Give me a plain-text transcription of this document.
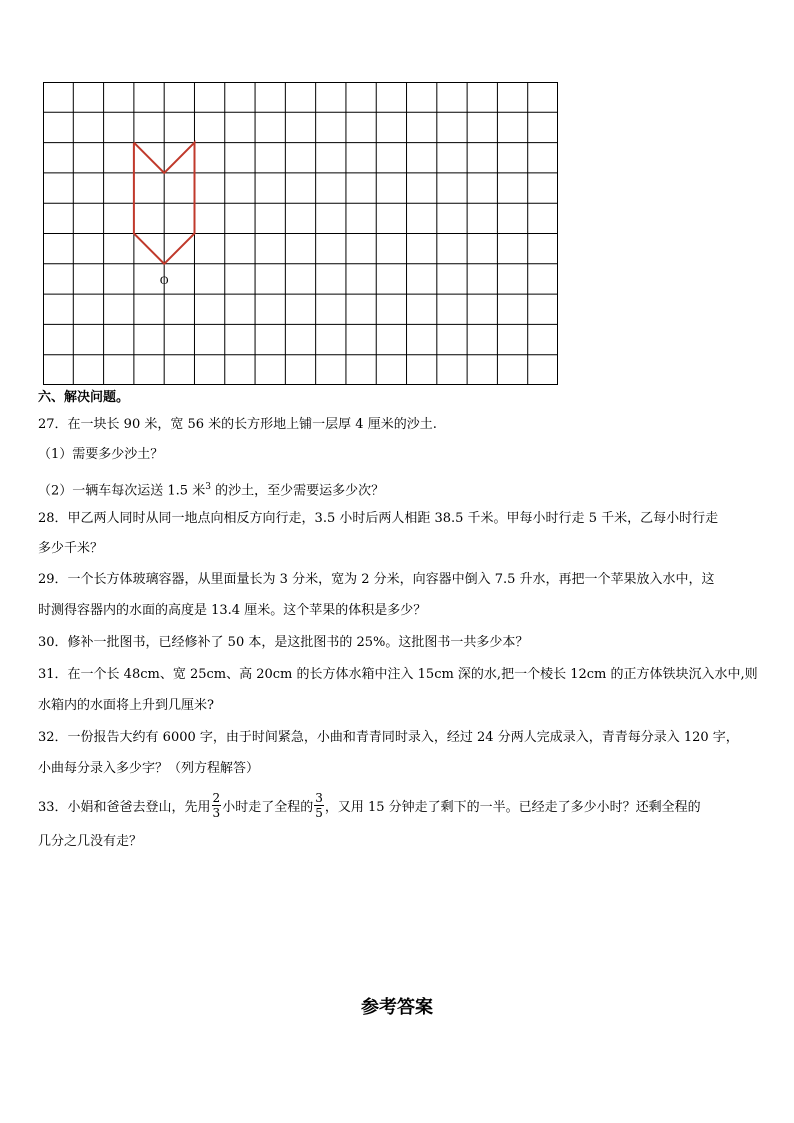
O
六、解决问题。
27．在一块长 90 米，宽 56 米的长方形地上铺一层厚 4 厘米的沙土.
（1）需要多少沙土？
（2）一辆车每次运送 1.5 米$^3$ 的沙土，至少需要运多少次？
28．甲乙两人同时从同一地点向相反方向行走，3.5 小时后两人相距 38.5 千米。甲每小时行走 5 千米，乙每小时行走
多少千米？
29．一个长方体玻璃容器，从里面量长为 3 分米，宽为 2 分米，向容器中倒入 7.5 升水，再把一个苹果放入水中，这
时测得容器内的水面的高度是 13.4 厘米。这个苹果的体积是多少？
30．修补一批图书，已经修补了 50 本，是这批图书的 25%。这批图书一共多少本？
31．在一个长 48cm、宽 25cm、高 20cm 的长方体水箱中注入 15cm 深的水,把一个棱长 12cm 的正方体铁块沉入水中,则
水箱内的水面将上升到几厘米?
32．一份报告大约有 6000 字，由于时间紧急，小曲和青青同时录入，经过 24 分两人完成录入，青青每分录入 120 字，
小曲每分录入多少字？（列方程解答）
33．小娟和爸爸去登山，先用 $\frac{2}{3}$ 小时走了全程的 $\frac{3}{5}$ ，又用 15 分钟走了剩下的一半。已经走了多少小时？还剩全程的
几分之几没有走？
参考答案
